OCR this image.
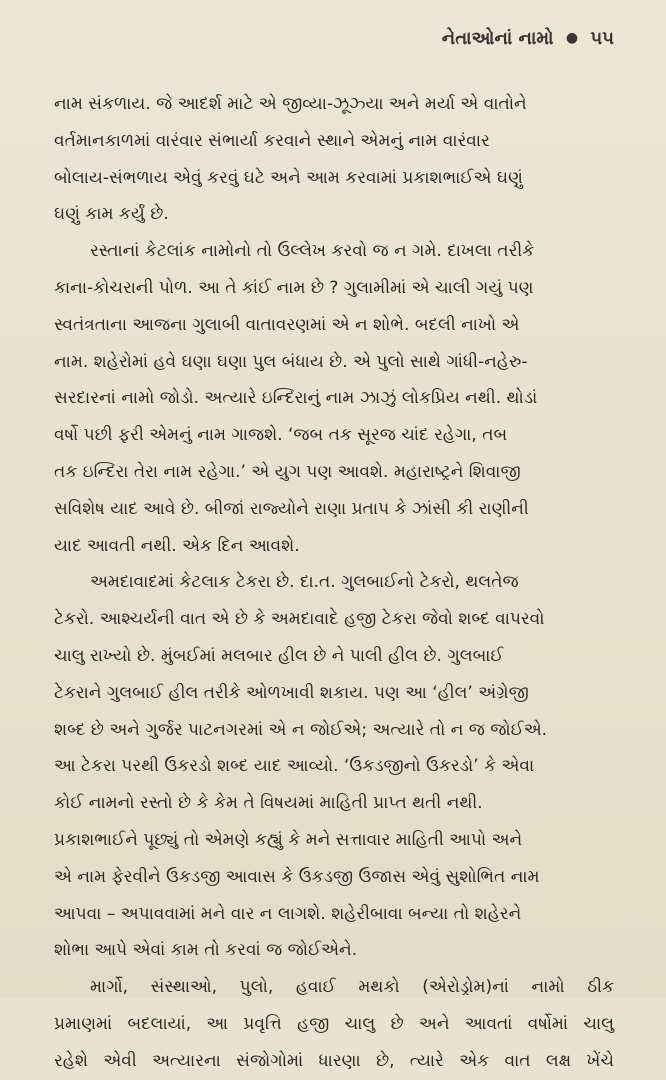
નેતાઓનાં નામો ● ૫૫

નામ સંકળાય. જે આદર્શ માટે એ જીવ્યા-ઝૂઝ્યા અને મર્યા એ વાતોને
વર્તમાનકાળમાં વારંવાર સંભાર્યા કરવાને સ્થાને એમનું નામ વારંવાર
બોલાય-સંભળાય એવું કરવું ઘટે અને આમ કરવામાં પ્રકાશભાઈએ ઘણું
ઘણું કામ કર્યું છે.

રસ્તાનાં કેટલાંક નામોનો તો ઉલ્લેખ કરવો જ ન ગમે. દાખલા તરીકે
કાના-કોચરાની પોળ. આ તે કાંઈ નામ છે ? ગુલામીમાં એ ચાલી ગયું પણ
સ્વતંત્રતાના આજના ગુલાબી વાતાવરણમાં એ ન શોભે. બદલી નાખો એ
નામ. શહેરોમાં હવે ઘણા ઘણા પુલ બંધાય છે. એ પુલો સાથે ગાંધી-નહેરુ-
સરદારનાં નામો જોડો. અત્યારે ઇન્દિરાનું નામ ઝાઝું લોકપ્રિય નથી. થોડાં
વર્ષો પછી ફરી એમનું નામ ગાજશે. ‘જબ તક સૂરજ ચાંદ રહેગા, તબ
તક ઇન્દિરા તેરા નામ રહેગા.’ એ યુગ પણ આવશે. મહારાષ્ટ્રને શિવાજી
સવિશેષ યાદ આવે છે. બીજાં રાજ્યોને રાણા પ્રતાપ કે ઝાંસી કી રાણીની
યાદ આવતી નથી. એક દિન આવશે.

અમદાવાદમાં કેટલાક ટેકરા છે. દા.ત. ગુલબાઈનો ટેકરો, થલતેજ
ટેકરો. આશ્ચર્યની વાત એ છે કે અમદાવાદે હજી ટેકરા જેવો શબ્દ વાપરવો
ચાલુ રાખ્યો છે. મુંબઈમાં મલબાર હીલ છે ને પાલી હીલ છે. ગુલબાઈ
ટેકરાને ગુલબાઈ હીલ તરીકે ઓળખાવી શકાય. પણ આ ‘હીલ’ અંગ્રેજી
શબ્દ છે અને ગુર્જર પાટનગરમાં એ ન જોઈએ; અત્યારે તો ન જ જોઈએ.
આ ટેકરા પરથી ઉકરડો શબ્દ યાદ આવ્યો. ‘ઉકડજીનો ઉકરડો’ કે એવા
કોઈ નામનો રસ્તો છે કે કેમ તે વિષયમાં માહિતી પ્રાપ્ત થતી નથી.
પ્રકાશભાઈને પૂછ્યું તો એમણે કહ્યું કે મને સત્તાવાર માહિતી આપો અને
એ નામ ફેરવીને ઉકડજી આવાસ કે ઉકડજી ઉજાસ એવું સુશોભિત નામ
આપવા – અપાવવામાં મને વાર ન લાગશે. શહેરીબાવા બન્યા તો શહેરને
શોભા આપે એવાં કામ તો કરવાં જ જોઈએને.

માર્ગો, સંસ્થાઓ, પુલો, હવાઈ મથકો (એરોડ્રોમ)નાં નામો ઠીક
પ્રમાણમાં બદલાયાં, આ પ્રવૃત્તિ હજી ચાલુ છે અને આવતાં વર્ષોમાં ચાલુ
રહેશે એવી અત્યારના સંજોગોમાં ધારણા છે, ત્યારે એક વાત લક્ષ ખેંચે
